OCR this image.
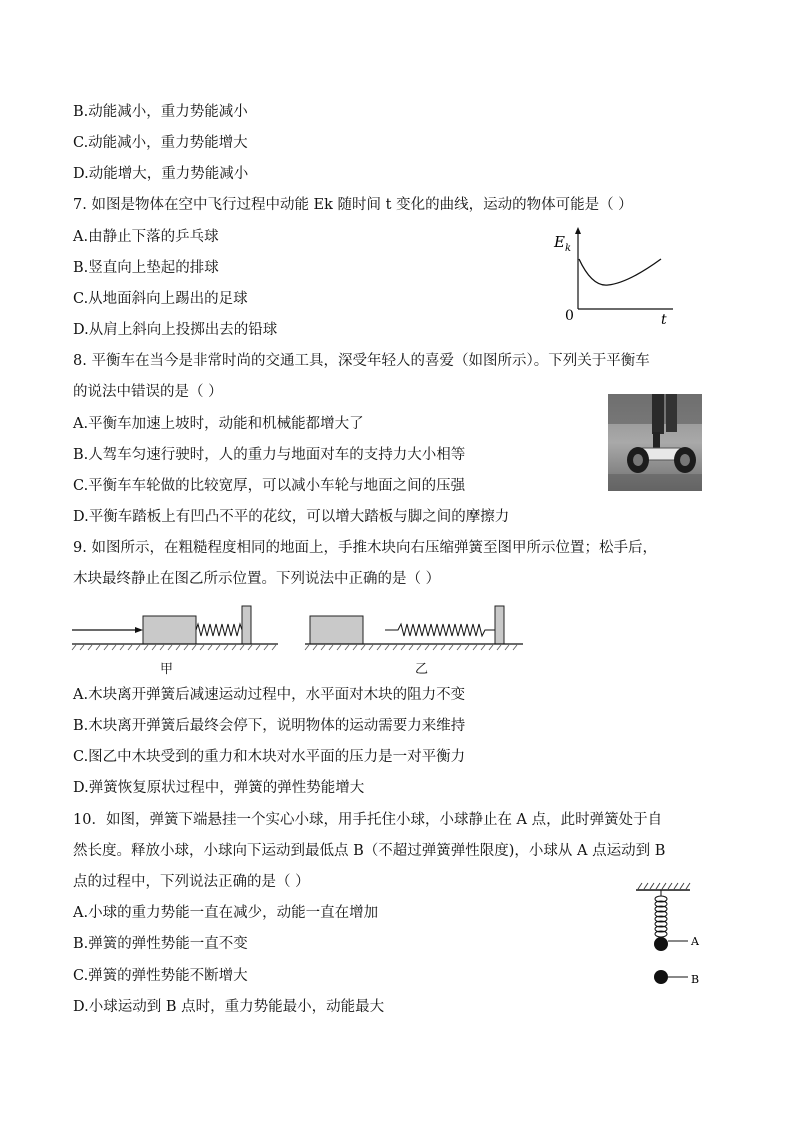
B.动能减小，重力势能减小
C.动能减小，重力势能增大
D.动能增大，重力势能减小
7. 如图是物体在空中飞行过程中动能 Ek 随时间 t 变化的曲线，运动的物体可能是（ ）
A.由静止下落的乒乓球
B.竖直向上垫起的排球
C.从地面斜向上踢出的足球
D.从肩上斜向上投掷出去的铅球
E k
0	t
8. 平衡车在当今是非常时尚的交通工具，深受年轻人的喜爱（如图所示）。下列关于平衡车
的说法中错误的是（ ）
A.平衡车加速上坡时，动能和机械能都增大了
B.人驾车匀速行驶时，人的重力与地面对车的支持力大小相等
C.平衡车车轮做的比较宽厚，可以减小车轮与地面之间的压强
D.平衡车踏板上有凹凸不平的花纹，可以增大踏板与脚之间的摩擦力
9. 如图所示，在粗糙程度相同的地面上，手推木块向右压缩弹簧至图甲所示位置；松手后，
木块最终静止在图乙所示位置。下列说法中正确的是（ ）
甲	乙
A.木块离开弹簧后减速运动过程中，水平面对木块的阻力不变
B.木块离开弹簧后最终会停下，说明物体的运动需要力来维持
C.图乙中木块受到的重力和木块对水平面的压力是一对平衡力
D.弹簧恢复原状过程中，弹簧的弹性势能增大
10．如图，弹簧下端悬挂一个实心小球，用手托住小球，小球静止在 A 点，此时弹簧处于自
然长度。释放小球，小球向下运动到最低点 B（不超过弹簧弹性限度)，小球从 A 点运动到 B
点的过程中，下列说法正确的是（ ）
A.小球的重力势能一直在减少，动能一直在增加
B.弹簧的弹性势能一直不变
C.弹簧的弹性势能不断增大
D.小球运动到 B 点时，重力势能最小，动能最大
A
B
